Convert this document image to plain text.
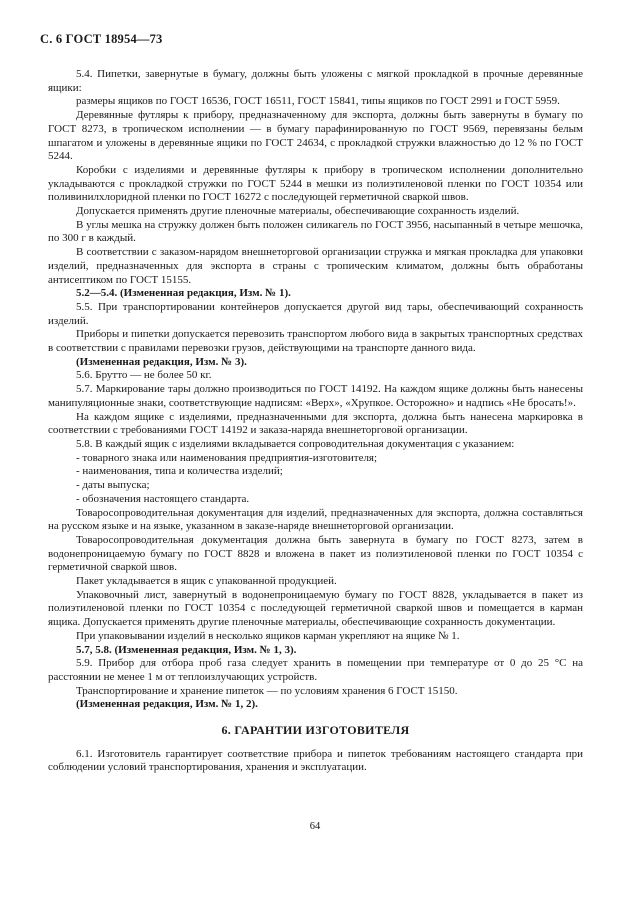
С. 6 ГОСТ 18954—73

5.4. Пипетки, завернутые в бумагу, должны быть уложены с мягкой прокладкой в прочные деревянные ящики:

размеры ящиков по ГОСТ 16536, ГОСТ 16511, ГОСТ 15841, типы ящиков по ГОСТ 2991 и ГОСТ 5959.

Деревянные футляры к прибору, предназначенному для экспорта, должны быть завернуты в бумагу по ГОСТ 8273, в тропическом исполнении — в бумагу парафинированную по ГОСТ 9569, перевязаны белым шпагатом и уложены в деревянные ящики по ГОСТ 24634, с прокладкой стружки влажностью до 12 % по ГОСТ 5244.

Коробки с изделиями и деревянные футляры к прибору в тропическом исполнении дополнительно укладываются с прокладкой стружки по ГОСТ 5244 в мешки из полиэтиленовой пленки по ГОСТ 10354 или поливинилхлоридной пленки по ГОСТ 16272 с последующей герметичной сваркой швов.

Допускается применять другие пленочные материалы, обеспечивающие сохранность изделий.

В углы мешка на стружку должен быть положен силикагель по ГОСТ 3956, насыпанный в четыре мешочка, по 300 г в каждый.

В соответствии с заказом-нарядом внешнеторговой организации стружка и мягкая прокладка для упаковки изделий, предназначенных для экспорта в страны с тропическим климатом, должны быть обработаны антисептиком по ГОСТ 15155.

5.2—5.4. (Измененная редакция, Изм. № 1).

5.5. При транспортировании контейнеров допускается другой вид тары, обеспечивающий сохранность изделий.

Приборы и пипетки допускается перевозить транспортом любого вида в закрытых транспортных средствах в соответствии с правилами перевозки грузов, действующими на транспорте данного вида.

(Измененная редакция, Изм. № 3).

5.6. Брутто — не более 50 кг.

5.7. Маркирование тары должно производиться по ГОСТ 14192. На каждом ящике должны быть нанесены манипуляционные знаки, соответствующие надписям: «Верх», «Хрупкое. Осторожно» и надпись «Не бросать!».

На каждом ящике с изделиями, предназначенными для экспорта, должна быть нанесена маркировка в соответствии с требованиями ГОСТ 14192 и заказа-наряда внешнеторговой организации.

5.8. В каждый ящик с изделиями вкладывается сопроводительная документация с указанием:

- товарного знака или наименования предприятия-изготовителя;

- наименования, типа и количества изделий;

- даты выпуска;

- обозначения настоящего стандарта.

Товаросопроводительная документация для изделий, предназначенных для экспорта, должна составляться на русском языке и на языке, указанном в заказе-наряде внешнеторговой организации.

Товаросопроводительная документация должна быть завернута в бумагу по ГОСТ 8273, затем в водонепроницаемую бумагу по ГОСТ 8828 и вложена в пакет из полиэтиленовой пленки по ГОСТ 10354 с герметичной сваркой швов.

Пакет укладывается в ящик с упакованной продукцией.

Упаковочный лист, завернутый в водонепроницаемую бумагу по ГОСТ 8828, укладывается в пакет из полиэтиленовой пленки по ГОСТ 10354 с последующей герметичной сваркой швов и помещается в карман ящика. Допускается применять другие пленочные материалы, обеспечивающие сохранность документации.

При упаковывании изделий в несколько ящиков карман укрепляют на ящике № 1.

5.7, 5.8. (Измененная редакция, Изм. № 1, 3).

5.9. Прибор для отбора проб газа следует хранить в помещении при температуре от 0 до 25 °С на расстоянии не менее 1 м от теплоизлучающих устройств.

Транспортирование и хранение пипеток — по условиям хранения 6 ГОСТ 15150.

(Измененная редакция, Изм. № 1, 2).

6. ГАРАНТИИ ИЗГОТОВИТЕЛЯ

6.1. Изготовитель гарантирует соответствие прибора и пипеток требованиям настоящего стандарта при соблюдении условий транспортирования, хранения и эксплуатации.

64
